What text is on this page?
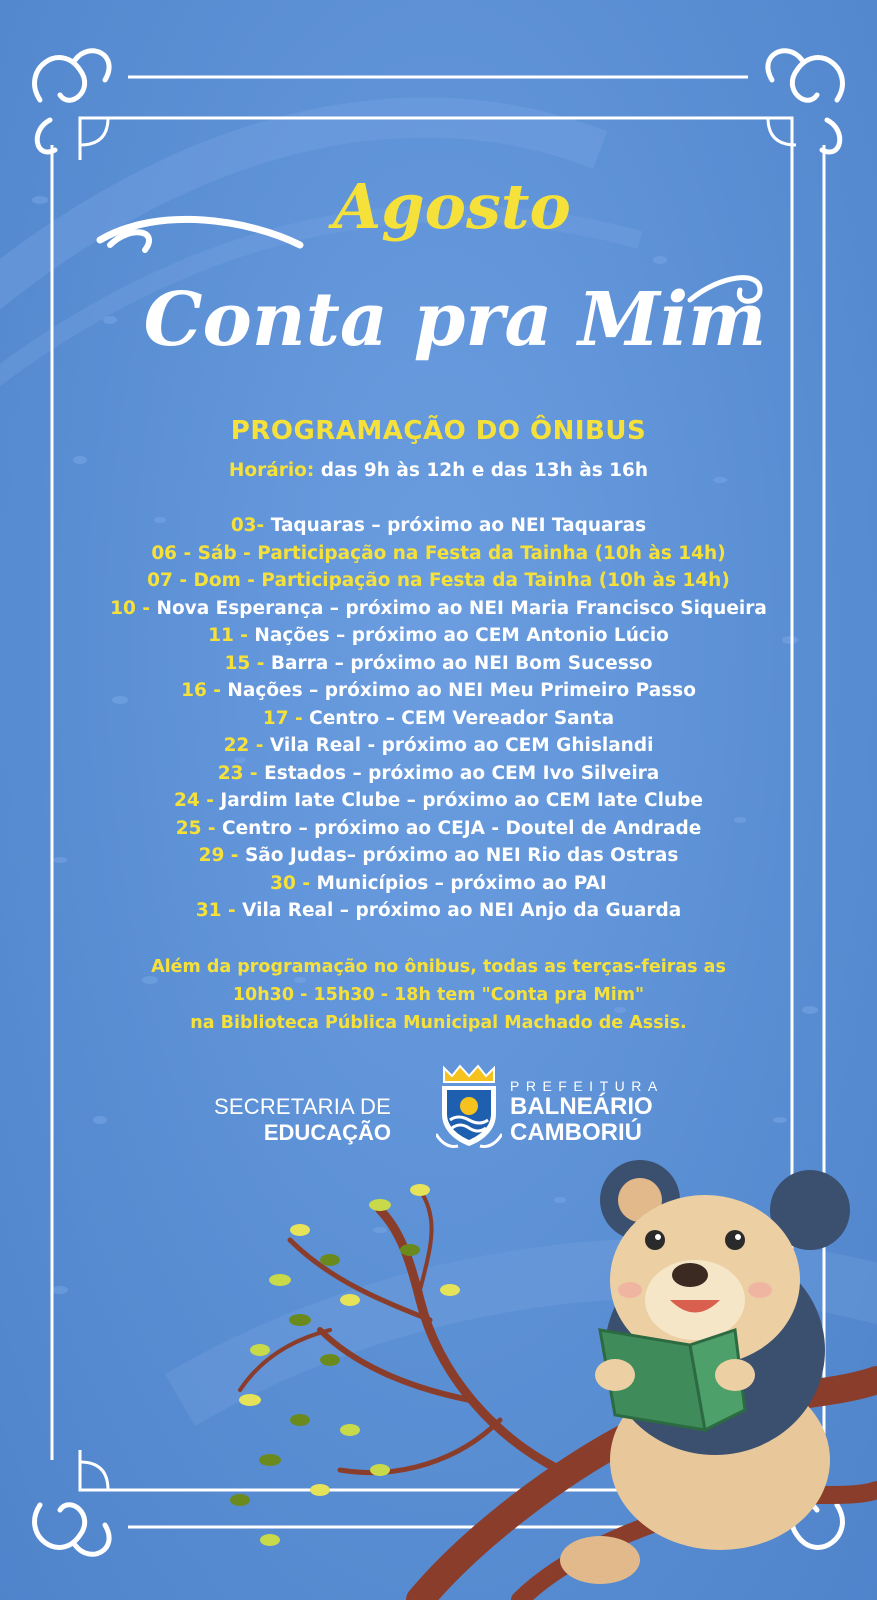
Agosto
Conta pra Mim
PROGRAMAÇÃO DO ÔNIBUS
Horário: das 9h às 12h e das 13h às 16h
03- Taquaras – próximo ao NEI Taquaras
06 - Sáb - Participação na Festa da Tainha (10h às 14h)
07 - Dom - Participação na Festa da Tainha (10h às 14h)
10 - Nova Esperança – próximo ao NEI Maria Francisco Siqueira
11 - Nações – próximo ao CEM Antonio Lúcio
15 - Barra – próximo ao NEI Bom Sucesso
16 - Nações – próximo ao NEI Meu Primeiro Passo
17 - Centro – CEM Vereador Santa
22 - Vila Real - próximo ao CEM Ghislandi
23 - Estados – próximo ao CEM Ivo Silveira
24 - Jardim Iate Clube – próximo ao CEM Iate Clube
25 - Centro – próximo ao CEJA - Doutel de Andrade
29 - São Judas– próximo ao NEI Rio das Ostras
30 - Municípios – próximo ao PAI
31 - Vila Real – próximo ao NEI Anjo da Guarda
Além da programação no ônibus, todas as terças-feiras as
10h30 - 15h30 - 18h tem "Conta pra Mim"
na Biblioteca Pública Municipal Machado de Assis.
SECRETARIA DE
EDUCAÇÃO
PREFEITURA
BALNEÁRIO
CAMBORIÚ
